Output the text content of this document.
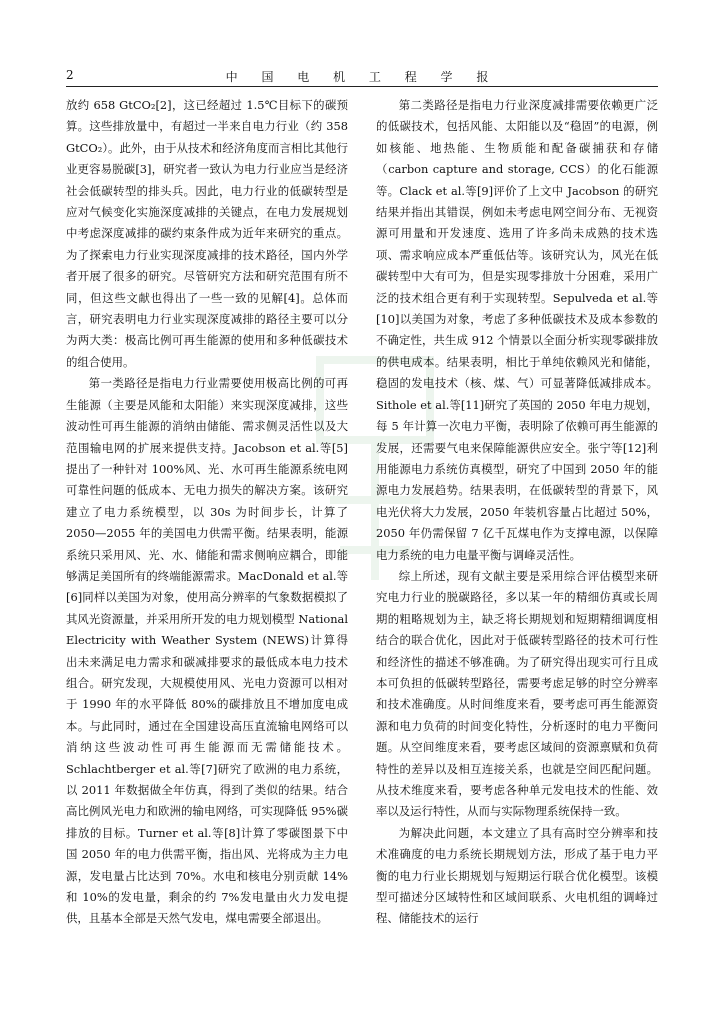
2	中 国 电 机 工 程 学 报

放约 658 GtCO₂[2]，这已经超过 1.5℃目标下的碳预算。这些排放量中，有超过一半来自电力行业（约 358 GtCO₂）。此外，由于从技术和经济角度而言相比其他行业更容易脱碳[3]，研究者一致认为电力行业应当是经济社会低碳转型的排头兵。因此，电力行业的低碳转型是应对气候变化实施深度减排的关键点，在电力发展规划中考虑深度减排的碳约束条件成为近年来研究的重点。为了探索电力行业实现深度减排的技术路径，国内外学者开展了很多的研究。尽管研究方法和研究范围有所不同，但这些文献也得出了一些一致的见解[4]。总体而言，研究表明电力行业实现深度减排的路径主要可以分为两大类：极高比例可再生能源的使用和多种低碳技术的组合使用。

第一类路径是指电力行业需要使用极高比例的可再生能源（主要是风能和太阳能）来实现深度减排，这些波动性可再生能源的消纳由储能、需求侧灵活性以及大范围输电网的扩展来提供支持。Jacobson et al.等[5]提出了一种针对 100%风、光、水可再生能源系统电网可靠性问题的低成本、无电力损失的解决方案。该研究建立了电力系统模型，以 30s 为时间步长，计算了 2050—2055 年的美国电力供需平衡。结果表明，能源系统只采用风、光、水、储能和需求侧响应耦合，即能够满足美国所有的终端能源需求。MacDonald et al.等[6]同样以美国为对象，使用高分辨率的气象数据模拟了其风光资源量，并采用所开发的电力规划模型 National Electricity with Weather System (NEWS)计算得出未来满足电力需求和碳减排要求的最低成本电力技术组合。研究发现，大规模使用风、光电力资源可以相对于 1990 年的水平降低 80%的碳排放且不增加度电成本。与此同时，通过在全国建设高压直流输电网络可以消纳这些波动性可再生能源而无需储能技术。Schlachtberger et al.等[7]研究了欧洲的电力系统，以 2011 年数据做全年仿真，得到了类似的结果。结合高比例风光电力和欧洲的输电网络，可实现降低 95%碳排放的目标。Turner et al.等[8]计算了零碳图景下中国 2050 年的电力供需平衡，指出风、光将成为主力电源，发电量占比达到 70%。水电和核电分别贡献 14%和 10%的发电量，剩余的约 7%发电量由火力发电提供，且基本全部是天然气发电，煤电需要全部退出。

第二类路径是指电力行业深度减排需要依赖更广泛的低碳技术，包括风能、太阳能以及“稳固”的电源，例如核能、地热能、生物质能和配备碳捕获和存储（carbon capture and storage, CCS）的化石能源等。Clack et al.等[9]评价了上文中 Jacobson 的研究结果并指出其错误，例如未考虑电网空间分布、无视资源可用量和开发速度、选用了许多尚未成熟的技术选项、需求响应成本严重低估等。该研究认为，风光在低碳转型中大有可为，但是实现零排放十分困难，采用广泛的技术组合更有利于实现转型。Sepulveda et al.等[10]以美国为对象，考虑了多种低碳技术及成本参数的不确定性，共生成 912 个情景以全面分析实现零碳排放的供电成本。结果表明，相比于单纯依赖风光和储能，稳固的发电技术（核、煤、气）可显著降低减排成本。Sithole et al.等[11]研究了英国的 2050 年电力规划，每 5 年计算一次电力平衡，表明除了依赖可再生能源的发展，还需要气电来保障能源供应安全。张宁等[12]利用能源电力系统仿真模型，研究了中国到 2050 年的能源电力发展趋势。结果表明，在低碳转型的背景下，风电光伏将大力发展，2050 年装机容量占比超过 50%，2050 年仍需保留 7 亿千瓦煤电作为支撑电源，以保障电力系统的电力电量平衡与调峰灵活性。

综上所述，现有文献主要是采用综合评估模型来研究电力行业的脱碳路径，多以某一年的精细仿真或长周期的粗略规划为主，缺乏将长期规划和短期精细调度相结合的联合优化，因此对于低碳转型路径的技术可行性和经济性的描述不够准确。为了研究得出现实可行且成本可负担的低碳转型路径，需要考虑足够的时空分辨率和技术准确度。从时间维度来看，要考虑可再生能源资源和电力负荷的时间变化特性，分析逐时的电力平衡问题。从空间维度来看，要考虑区域间的资源禀赋和负荷特性的差异以及相互连接关系，也就是空间匹配问题。从技术维度来看，要考虑各种单元发电技术的性能、效率以及运行特性，从而与实际物理系统保持一致。

为解决此问题，本文建立了具有高时空分辨率和技术准确度的电力系统长期规划方法，形成了基于电力平衡的电力行业长期规划与短期运行联合优化模型。该模型可描述分区域特性和区域间联系、火电机组的调峰过程、储能技术的运行
